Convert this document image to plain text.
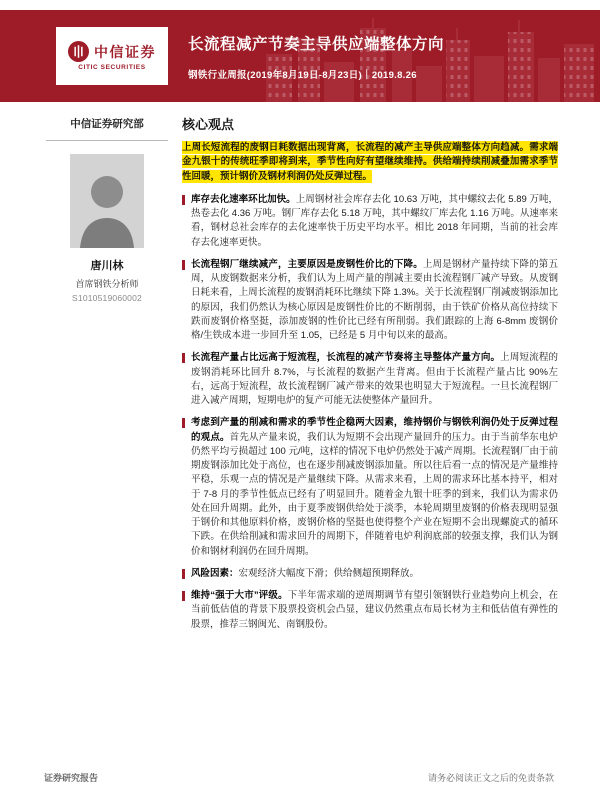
中信证券
CITIC SECURITIES
长流程减产节奏主导供应端整体方向
钢铁行业周报(2019年8月19日-8月23日)｜2019.8.26
中信证券研究部
唐川林
首席钢铁分析师
S1010519060002
核心观点

上周长短流程的废钢日耗数据出现背离，长流程的减产主导供应端整体方向趋减。需求端金九银十的传统旺季即将到来，季节性向好有望继续维持。供给端持续削减叠加需求季节性回暖，预计钢价及钢材利润仍处反弹过程。

库存去化速率环比加快。上周钢材社会库存去化 10.63 万吨，其中螺纹去化 5.89 万吨，热卷去化 4.36 万吨。钢厂库存去化 5.18 万吨，其中螺纹厂库去化 1.16 万吨。从速率来看，钢材总社会库存的去化速率快于历史平均水平。相比 2018 年同期，当前的社会库存去化速率更快。

长流程钢厂继续减产，主要原因是废钢性价比的下降。上周是钢材产量持续下降的第五周，从废钢数据来分析，我们认为上周产量的削减主要由长流程钢厂减产导致。从废钢日耗来看，上周长流程的废钢消耗环比继续下降 1.3%。关于长流程钢厂削减废钢添加比的原因，我们仍然认为核心原因是废钢性价比的不断削弱，由于铁矿价格从高位持续下跌而废钢价格坚挺，添加废钢的性价比已经有所削弱。我们跟踪的上海 6-8mm 废钢价格/生铁成本进一步回升至 1.05，已经是 5 月中旬以来的最高。

长流程产量占比远高于短流程，长流程的减产节奏将主导整体产量方向。上周短流程的废钢消耗环比回升 8.7%，与长流程的数据产生背离。但由于长流程产量占比 90%左右，远高于短流程，故长流程钢厂减产带来的效果也明显大于短流程。一旦长流程钢厂进入减产周期，短期电炉的复产可能无法使整体产量回升。

考虑到产量的削减和需求的季节性企稳两大因素，维持钢价与钢铁利润仍处于反弹过程的观点。首先从产量来说，我们认为短期不会出现产量回升的压力。由于当前华东电炉仍然平均亏损超过 100 元/吨，这样的情况下电炉仍然处于减产周期。长流程钢厂由于前期废钢添加比处于高位，也在逐步削减废钢添加量。所以往后看一点的情况是产量维持平稳，乐观一点的情况是产量继续下降。从需求来看，上周的需求环比基本持平，相对于 7-8 月的季节性低点已经有了明显回升。随着金九银十旺季的到来，我们认为需求仍处在回升周期。此外，由于夏季废钢供给处于淡季，本轮周期里废钢的价格表现明显强于钢价和其他原料价格，废钢价格的坚挺也使得整个产业在短期不会出现螺旋式的循环下跌。在供给削减和需求回升的周期下，伴随着电炉利润底部的较强支撑，我们认为钢价和钢材利润仍在回升周期。

风险因素：宏观经济大幅度下滑；供给侧超预期释放。

维持“强于大市”评级。下半年需求端的逆周期调节有望引领钢铁行业趋势向上机会，在当前低估值的背景下股票投资机会凸显，建议仍然重点布局长材为主和低估值有弹性的股票，推荐三钢闽光、南钢股份。

证券研究报告	请务必阅读正文之后的免责条款
